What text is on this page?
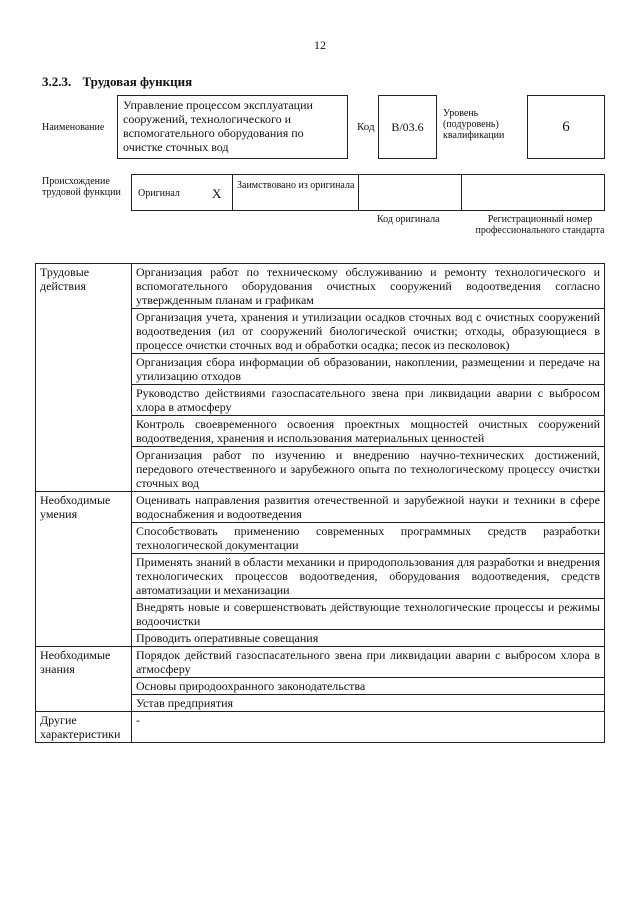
12
3.2.3. Трудовая функция
Наименование
Управление процессом эксплуатации сооружений, технологического и вспомогательного оборудования по очистке сточных вод
Код	В/03.6
Уровень (подуровень) квалификации
6
Происхождение трудовой функции Оригинал X
Заимствовано из оригинала
Код оригинала	Регистрационный номер профессионального стандарта
Трудовые действия	Организация работ по техническому обслуживанию и ремонту технологического и вспомогательного оборудования очистных сооружений водоотведения согласно утвержденным планам и графикам
	Организация учета, хранения и утилизации осадков сточных вод с очистных сооружений водоотведения (ил от сооружений биологической очистки; отходы, образующиеся в процессе очистки сточных вод и обработки осадка; песок из песколовок)
	Организация сбора информации об образовании, накоплении, размещении и передаче на утилизацию отходов
	Руководство действиями газоспасательного звена при ликвидации аварии с выбросом хлора в атмосферу
	Контроль своевременного освоения проектных мощностей очистных сооружений водоотведения, хранения и использования материальных ценностей
	Организация работ по изучению и внедрению научно-технических достижений, передового отечественного и зарубежного опыта по технологическому процессу очистки сточных вод
Необходимые умения	Оценивать направления развития отечественной и зарубежной науки и техники в сфере водоснабжения и водоотведения
	Способствовать применению современных программных средств разработки технологической документации
	Применять знаний в области механики и природопользования для разработки и внедрения технологических процессов водоотведения, оборудования водоотведения, средств автоматизации и механизации
	Внедрять новые и совершенствовать действующие технологические процессы и режимы водоочистки
	Проводить оперативные совещания
Необходимые знания	Порядок действий газоспасательного звена при ликвидации аварии с выбросом хлора в атмосферу
	Основы природоохранного законодательства
	Устав предприятия
Другие характеристики	-
